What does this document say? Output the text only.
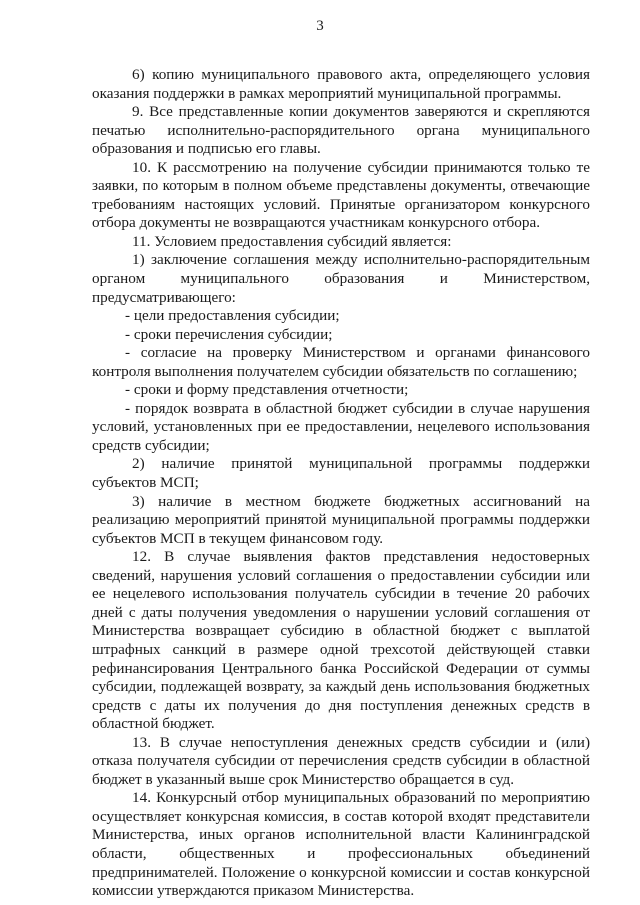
3

6) копию муниципального правового акта, определяющего условия оказания поддержки в рамках мероприятий муниципальной программы.

9. Все представленные копии документов заверяются и скрепляются печатью исполнительно-распорядительного органа муниципального образования и подписью его главы.

10. К рассмотрению на получение субсидии принимаются только те заявки, по которым в полном объеме представлены документы, отвечающие требованиям настоящих условий. Принятые организатором конкурсного отбора документы не возвращаются участникам конкурсного отбора.

11. Условием предоставления субсидий является:

1) заключение соглашения между исполнительно-распорядительным органом муниципального образования и Министерством, предусматривающего:

- цели предоставления субсидии;

- сроки перечисления субсидии;

- согласие на проверку Министерством и органами финансового контроля выполнения получателем субсидии обязательств по соглашению;

- сроки и форму представления отчетности;

- порядок возврата в областной бюджет субсидии в случае нарушения условий, установленных при ее предоставлении, нецелевого использования средств субсидии;

2) наличие принятой муниципальной программы поддержки субъектов МСП;

3) наличие в местном бюджете бюджетных ассигнований на реализацию мероприятий принятой муниципальной программы поддержки субъектов МСП в текущем финансовом году.

12. В случае выявления фактов представления недостоверных сведений, нарушения условий соглашения о предоставлении субсидии или ее нецелевого использования получатель субсидии в течение 20 рабочих дней с даты получения уведомления о нарушении условий соглашения от Министерства возвращает субсидию в областной бюджет с выплатой штрафных санкций в размере одной трехсотой действующей ставки рефинансирования Центрального банка Российской Федерации от суммы субсидии, подлежащей возврату, за каждый день использования бюджетных средств с даты их получения до дня поступления денежных средств в областной бюджет.

13. В случае непоступления денежных средств субсидии и (или) отказа получателя субсидии от перечисления средств субсидии в областной бюджет в указанный выше срок Министерство обращается в суд.

14. Конкурсный отбор муниципальных образований по мероприятию осуществляет конкурсная комиссия, в состав которой входят представители Министерства, иных органов исполнительной власти Калининградской области, общественных и профессиональных объединений предпринимателей. Положение о конкурсной комиссии и состав конкурсной комиссии утверждаются приказом Министерства.
